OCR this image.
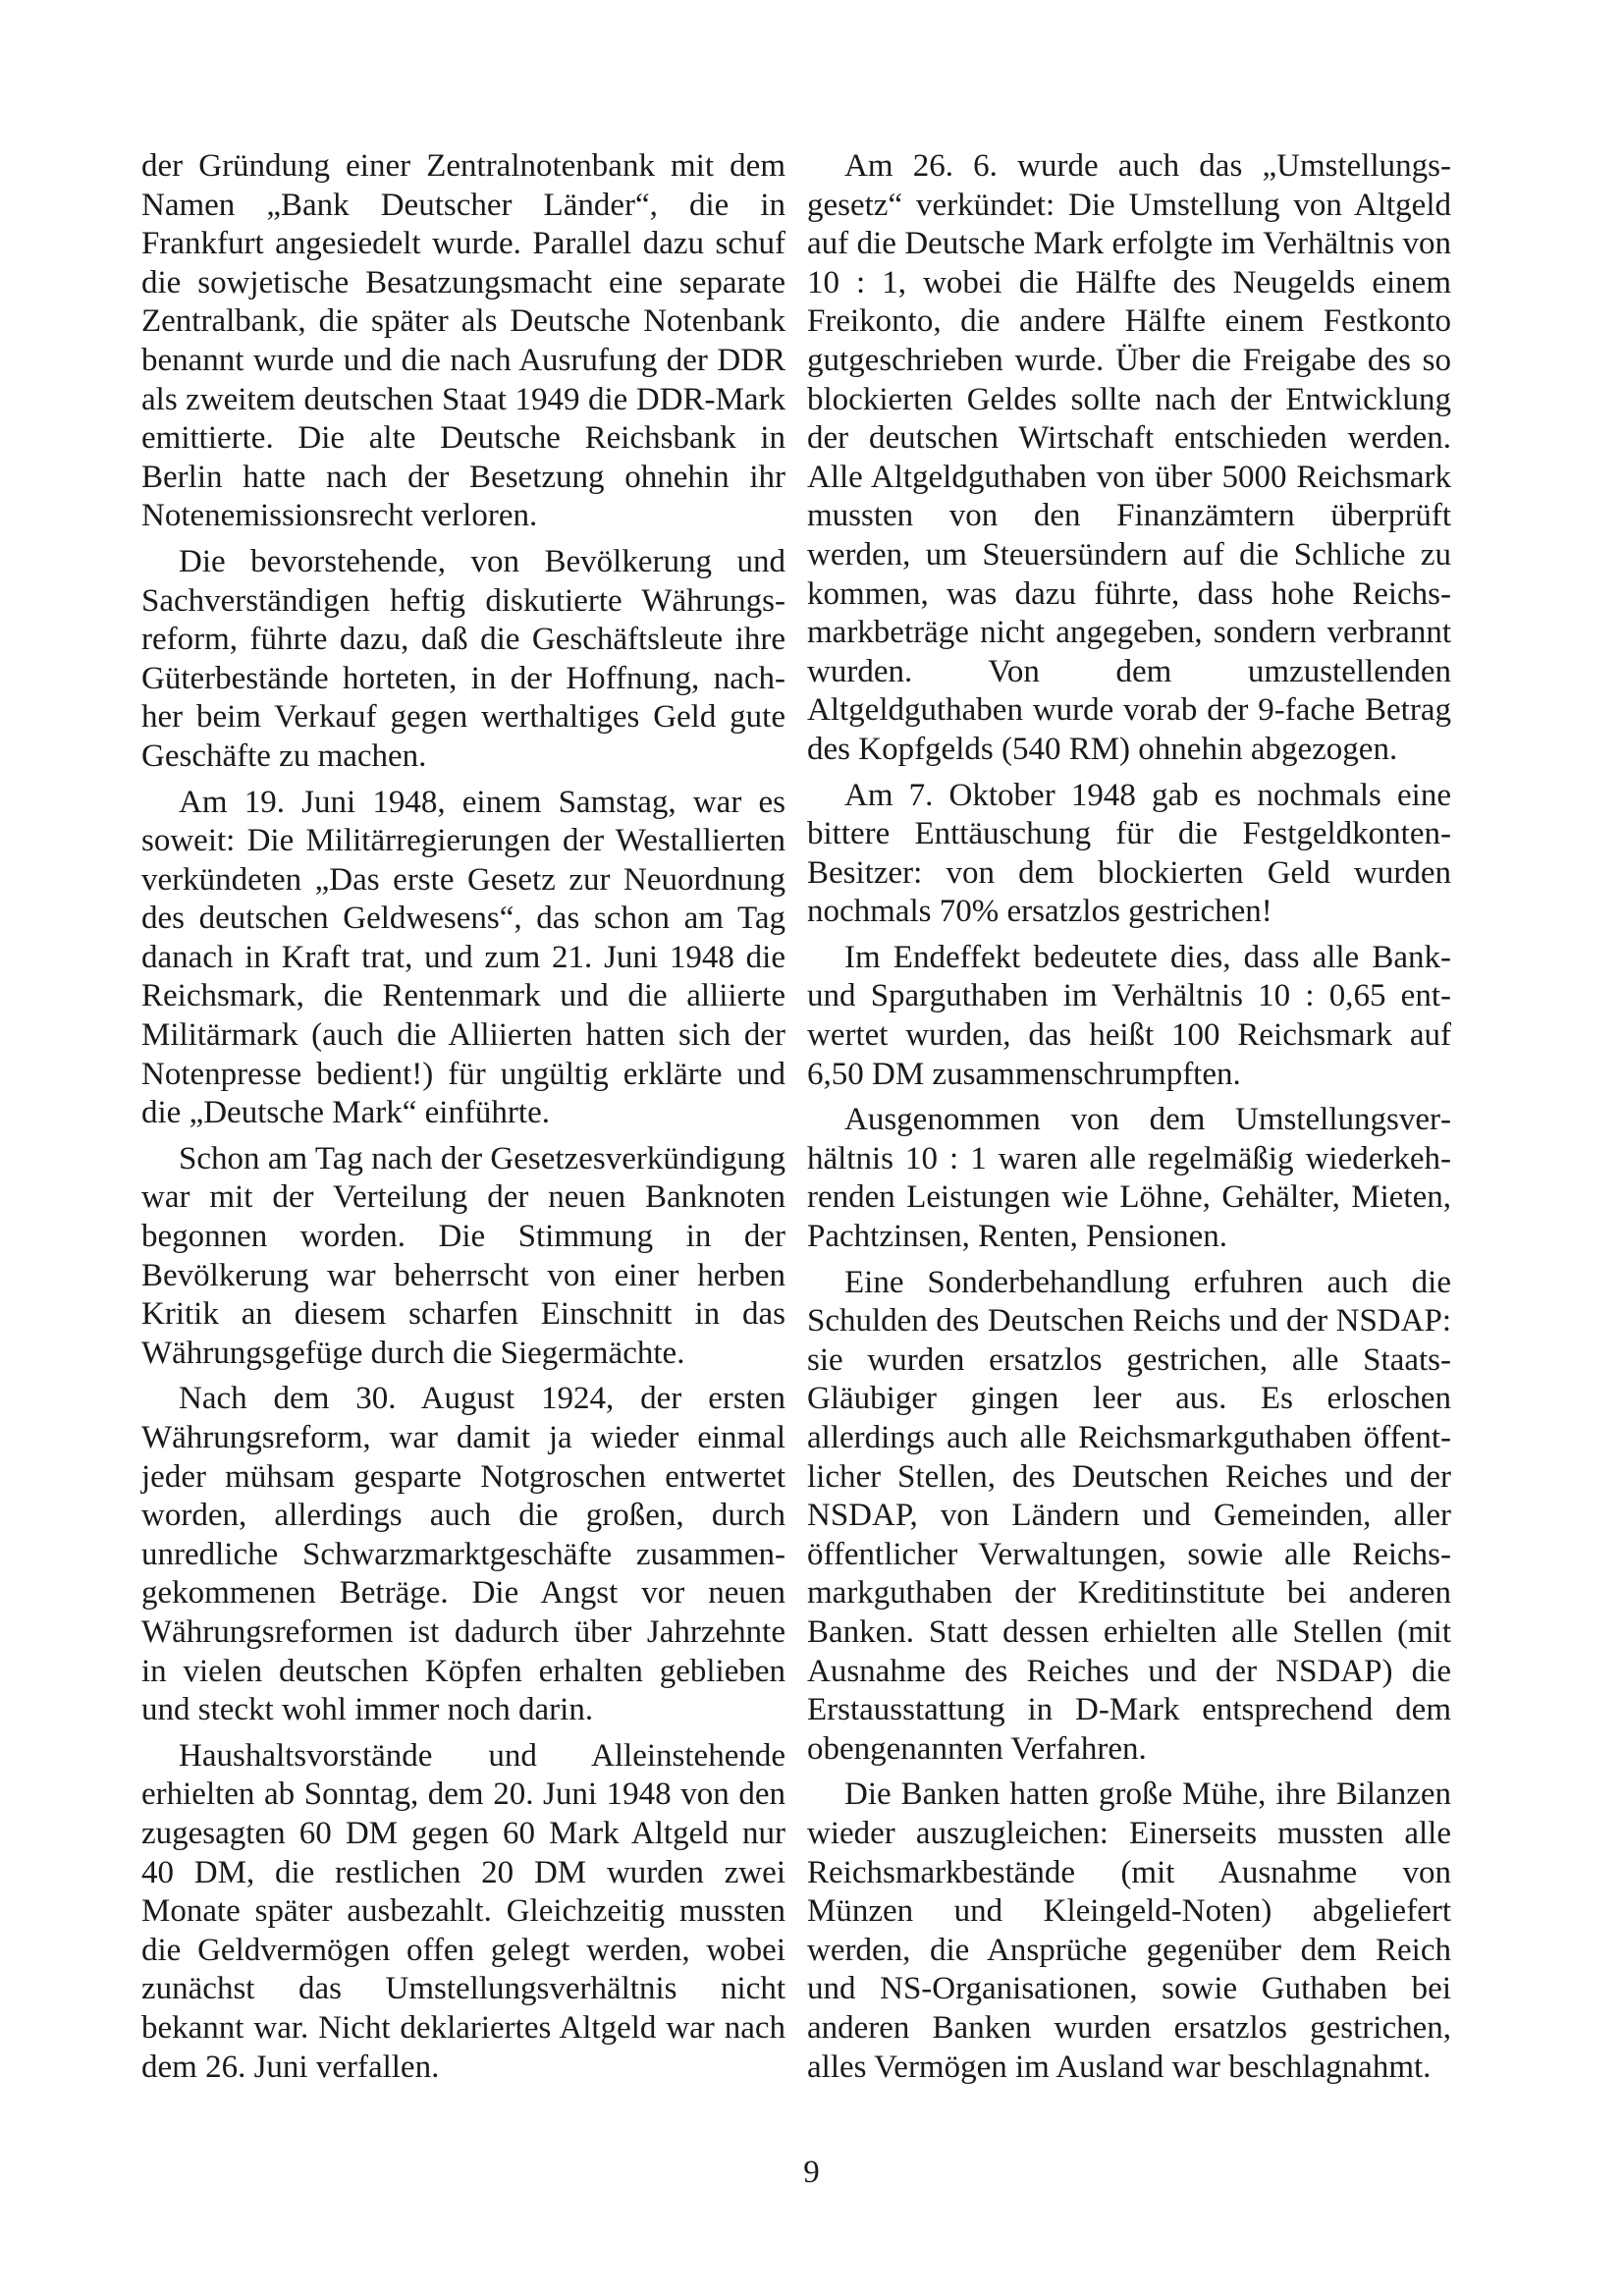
der Gründung einer Zentralnotenbank mit dem Namen „Bank Deutscher Länder“, die in Frankfurt angesiedelt wurde. Parallel dazu schuf die sowjetische Besatzungsmacht eine separate Zentralbank, die später als Deutsche Notenbank benannt wurde und die nach Ausrufung der DDR als zweitem deutschen Staat 1949 die DDR-Mark emittierte. Die alte Deutsche Reichsbank in Berlin hatte nach der Besetzung ohnehin ihr Notenemissionsrecht verloren.

Die bevorstehende, von Bevölkerung und Sachverständigen heftig diskutierte Währungsreform, führte dazu, daß die Geschäftsleute ihre Güterbestände horteten, in der Hoffnung, nachher beim Verkauf gegen werthaltiges Geld gute Geschäfte zu machen.

Am 19. Juni 1948, einem Samstag, war es soweit: Die Militärregierungen der Westallierten verkündeten „Das erste Gesetz zur Neuordnung des deutschen Geldwesens“, das schon am Tag danach in Kraft trat, und zum 21. Juni 1948 die Reichsmark, die Rentenmark und die alliierte Militärmark (auch die Alliierten hatten sich der Notenpresse bedient!) für ungültig erklärte und die „Deutsche Mark“ einführte.

Schon am Tag nach der Gesetzesverkündigung war mit der Verteilung der neuen Banknoten begonnen worden. Die Stimmung in der Bevölkerung war beherrscht von einer herben Kritik an diesem scharfen Einschnitt in das Währungsgefüge durch die Siegermächte.

Nach dem 30. August 1924, der ersten Währungsreform, war damit ja wieder einmal jeder mühsam gesparte Notgroschen entwertet worden, allerdings auch die großen, durch unredliche Schwarzmarktgeschäfte zusammengekommenen Beträge. Die Angst vor neuen Währungsreformen ist dadurch über Jahrzehnte in vielen deutschen Köpfen erhalten geblieben und steckt wohl immer noch darin.

Haushaltsvorstände und Alleinstehende erhielten ab Sonntag, dem 20. Juni 1948 von den zugesagten 60 DM gegen 60 Mark Altgeld nur 40 DM, die restlichen 20 DM wurden zwei Monate später ausbezahlt. Gleichzeitig mussten die Geldvermögen offen gelegt werden, wobei zunächst das Umstellungsverhältnis nicht bekannt war. Nicht deklariertes Altgeld war nach dem 26. Juni verfallen.

Am 26. 6. wurde auch das „Umstellungsgesetz“ verkündet: Die Umstellung von Altgeld auf die Deutsche Mark erfolgte im Verhältnis von 10 : 1, wobei die Hälfte des Neugelds einem Freikonto, die andere Hälfte einem Festkonto gutgeschrieben wurde. Über die Freigabe des so blockierten Geldes sollte nach der Entwicklung der deutschen Wirtschaft entschieden werden. Alle Altgeldguthaben von über 5000 Reichsmark mussten von den Finanzämtern überprüft werden, um Steuersündern auf die Schliche zu kommen, was dazu führte, dass hohe Reichsmarkbeträge nicht angegeben, sondern verbrannt wurden. Von dem umzustellenden Altgeldguthaben wurde vorab der 9-fache Betrag des Kopfgelds (540 RM) ohnehin abgezogen.

Am 7. Oktober 1948 gab es nochmals eine bittere Enttäuschung für die Festgeldkonten-Besitzer: von dem blockierten Geld wurden nochmals 70% ersatzlos gestrichen!

Im Endeffekt bedeutete dies, dass alle Bank- und Sparguthaben im Verhältnis 10 : 0,65 entwertet wurden, das heißt 100 Reichsmark auf 6,50 DM zusammenschrumpften.

Ausgenommen von dem Umstellungsverhältnis 10 : 1 waren alle regelmäßig wiederkehrenden Leistungen wie Löhne, Gehälter, Mieten, Pachtzinsen, Renten, Pensionen.

Eine Sonderbehandlung erfuhren auch die Schulden des Deutschen Reichs und der NSDAP: sie wurden ersatzlos gestrichen, alle Staats-Gläubiger gingen leer aus. Es erloschen allerdings auch alle Reichsmarkguthaben öffentlicher Stellen, des Deutschen Reiches und der NSDAP, von Ländern und Gemeinden, aller öffentlicher Verwaltungen, sowie alle Reichsmarkguthaben der Kreditinstitute bei anderen Banken. Statt dessen erhielten alle Stellen (mit Ausnahme des Reiches und der NSDAP) die Erstausstattung in D-Mark entsprechend dem obengenannten Verfahren.

Die Banken hatten große Mühe, ihre Bilanzen wieder auszugleichen: Einerseits mussten alle Reichsmarkbestände (mit Ausnahme von Münzen und Kleingeld-Noten) abgeliefert werden, die Ansprüche gegenüber dem Reich und NS-Organisationen, sowie Guthaben bei anderen Banken wurden ersatzlos gestrichen, alles Vermögen im Ausland war beschlagnahmt.

9
